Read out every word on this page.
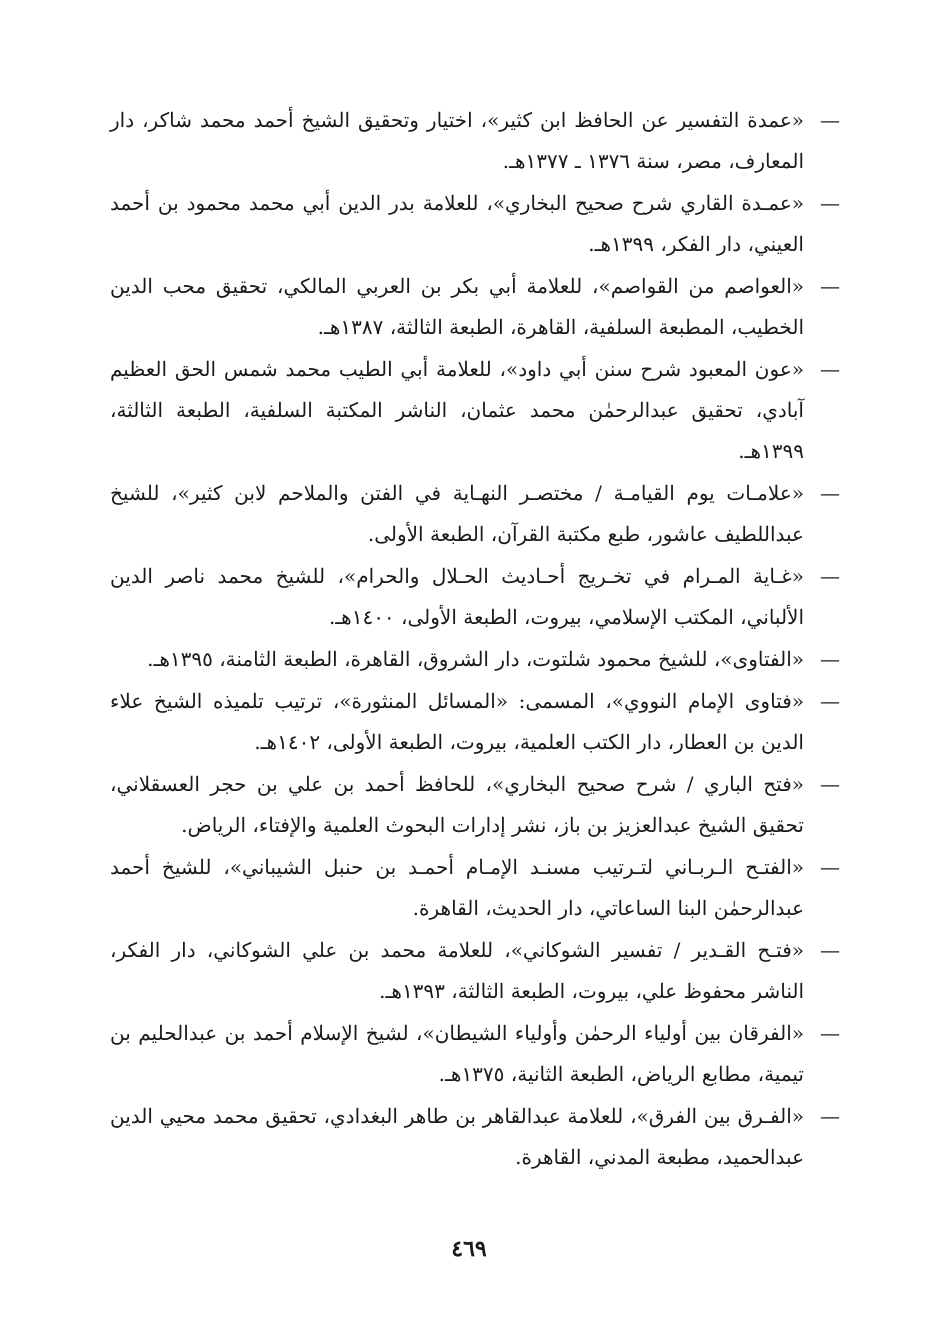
—
«عمدة التفسير عن الحافظ ابن كثير»، اختيار وتحقيق الشيخ أحمد محمد شاكر، دار المعارف، مصر، سنة ١٣٧٦ ـ ١٣٧٧هـ.
—
«عمـدة القاري شرح صحيح البخاري»، للعلامة بدر الدين أبي محمد محمود بن أحمد العيني، دار الفكر، ١٣٩٩هـ.
—
«العواصم من القواصم»، للعلامة أبي بكر بن العربي المالكي، تحقيق محب الدين الخطيب، المطبعة السلفية، القاهرة، الطبعة الثالثة، ١٣٨٧هـ.
—
«عون المعبود شرح سنن أبي داود»، للعلامة أبي الطيب محمد شمس الحق العظيم آبادي، تحقيق عبدالرحمٰن محمد عثمان، الناشر المكتبة السلفية، الطبعة الثالثة، ١٣٩٩هـ.
—
«علامـات يوم القيامـة / مختصـر النهـاية في الفتن والملاحم لابن كثير»، للشيخ عبداللطيف عاشور، طبع مكتبة القرآن، الطبعة الأولى.
—
«غـاية المـرام في تخـريج أحـاديث الحـلال والحرام»، للشيخ محمد ناصر الدين الألباني، المكتب الإسلامي، بيروت، الطبعة الأولى، ١٤٠٠هـ.
—
«الفتاوى»، للشيخ محمود شلتوت، دار الشروق، القاهرة، الطبعة الثامنة، ١٣٩٥هـ.
—
«فتاوى الإمام النووي»، المسمى: «المسائل المنثورة»، ترتيب تلميذه الشيخ علاء الدين بن العطار، دار الكتب العلمية، بيروت، الطبعة الأولى، ١٤٠٢هـ.
—
«فتح الباري / شرح صحيح البخاري»، للحافظ أحمد بن علي بن حجر العسقلاني، تحقيق الشيخ عبدالعزيز بن باز، نشر إدارات البحوث العلمية والإفتاء، الرياض.
—
«الفتـح الـربـاني لتـرتيب مسنـد الإمـام أحمـد بن حنبل الشيباني»، للشيخ أحمد عبدالرحمٰن البنا الساعاتي، دار الحديث، القاهرة.
—
«فتـح القـدير / تفسير الشوكاني»، للعلامة محمد بن علي الشوكاني، دار الفكر، الناشر محفوظ علي، بيروت، الطبعة الثالثة، ١٣٩٣هـ.
—
«الفرقان بين أولياء الرحمٰن وأولياء الشيطان»، لشيخ الإسلام أحمد بن عبدالحليم بن تيمية، مطابع الرياض، الطبعة الثانية، ١٣٧٥هـ.
—
«الفـرق بين الفرق»، للعلامة عبدالقاهر بن طاهر البغدادي، تحقيق محمد محيي الدين عبدالحميد، مطبعة المدني، القاهرة.
٤٦٩
